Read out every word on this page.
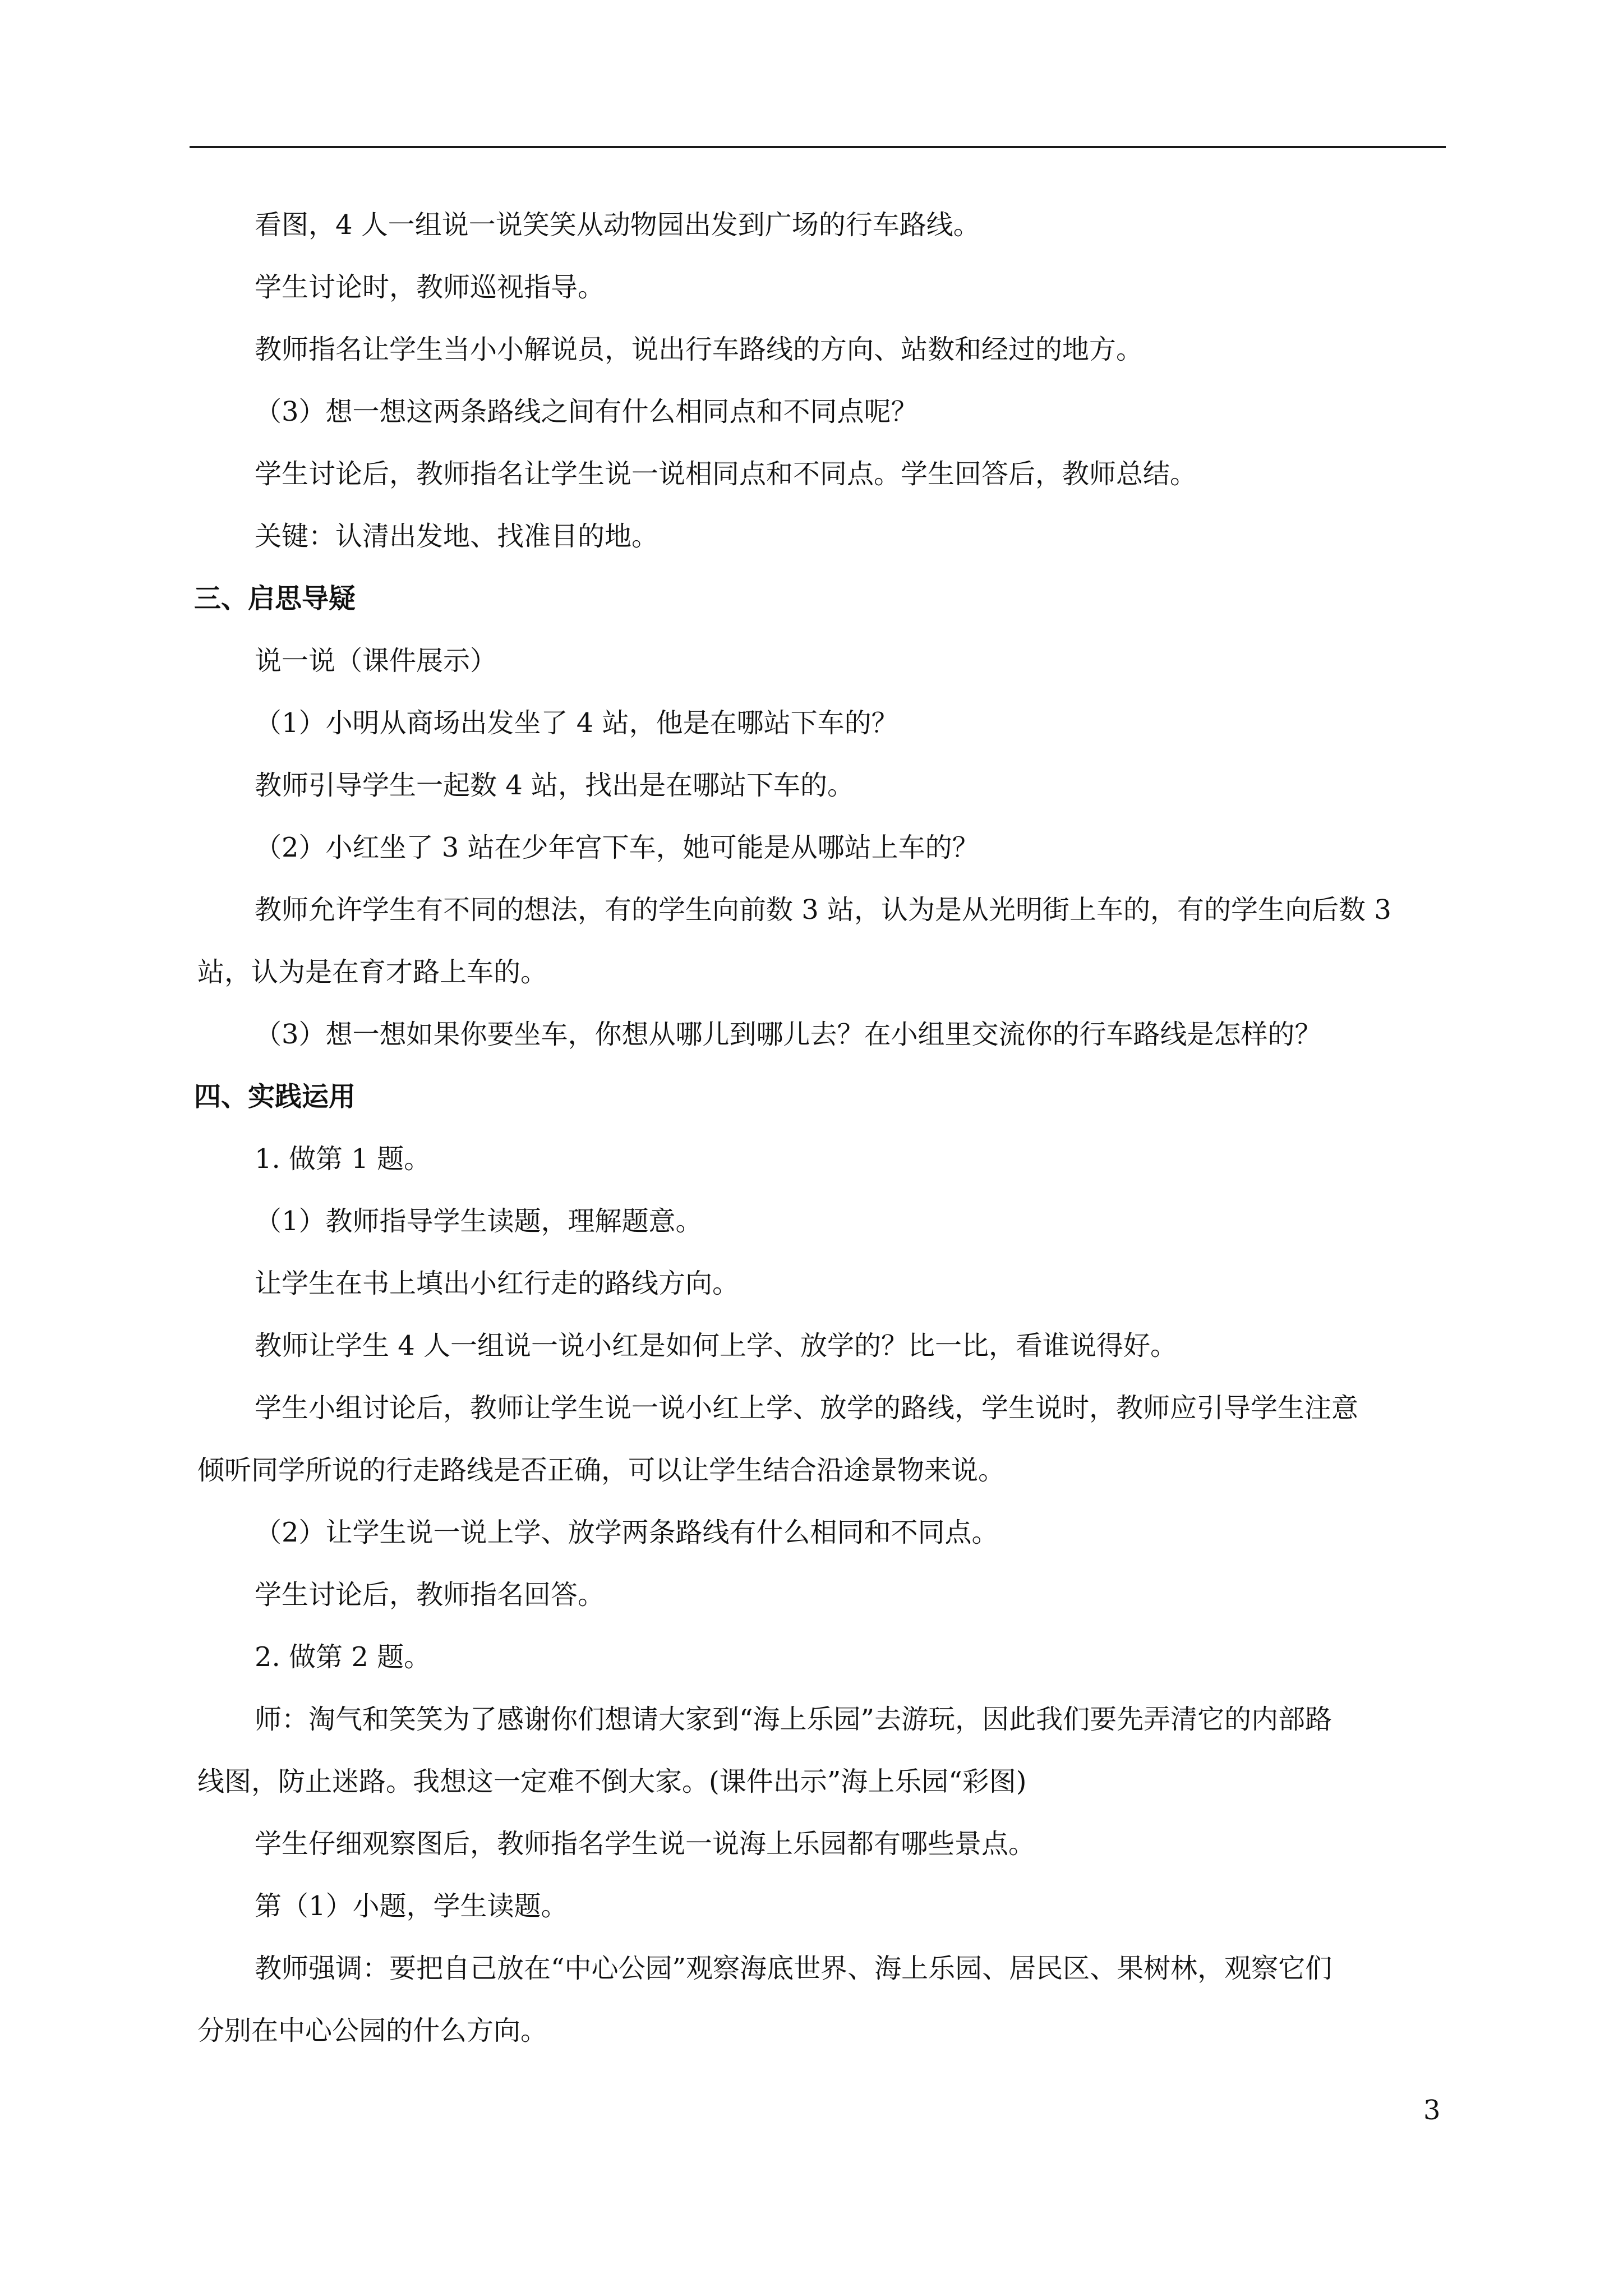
看图，4 人一组说一说笑笑从动物园出发到广场的行车路线。
学生讨论时，教师巡视指导。
教师指名让学生当小小解说员，说出行车路线的方向、站数和经过的地方。
（3）想一想这两条路线之间有什么相同点和不同点呢？
学生讨论后，教师指名让学生说一说相同点和不同点。学生回答后，教师总结。
关键：认清出发地、找准目的地。
三、启思导疑
说一说（课件展示）
（1）小明从商场出发坐了 4 站，他是在哪站下车的？
教师引导学生一起数 4 站，找出是在哪站下车的。
（2）小红坐了 3 站在少年宫下车，她可能是从哪站上车的？
教师允许学生有不同的想法，有的学生向前数 3 站，认为是从光明街上车的，有的学生向后数 3
站，认为是在育才路上车的。
（3）想一想如果你要坐车，你想从哪儿到哪儿去？在小组里交流你的行车路线是怎样的？
四、实践运用
1. 做第 1 题。
（1）教师指导学生读题，理解题意。
让学生在书上填出小红行走的路线方向。
教师让学生 4 人一组说一说小红是如何上学、放学的？比一比，看谁说得好。
学生小组讨论后，教师让学生说一说小红上学、放学的路线，学生说时，教师应引导学生注意
倾听同学所说的行走路线是否正确，可以让学生结合沿途景物来说。
（2）让学生说一说上学、放学两条路线有什么相同和不同点。
学生讨论后，教师指名回答。
2. 做第 2 题。
师：淘气和笑笑为了感谢你们想请大家到“海上乐园”去游玩，因此我们要先弄清它的内部路
线图，防止迷路。我想这一定难不倒大家。(课件出示”海上乐园“彩图)
学生仔细观察图后，教师指名学生说一说海上乐园都有哪些景点。
第（1）小题，学生读题。
教师强调：要把自己放在“中心公园”观察海底世界、海上乐园、居民区、果树林，观察它们
分别在中心公园的什么方向。
3
